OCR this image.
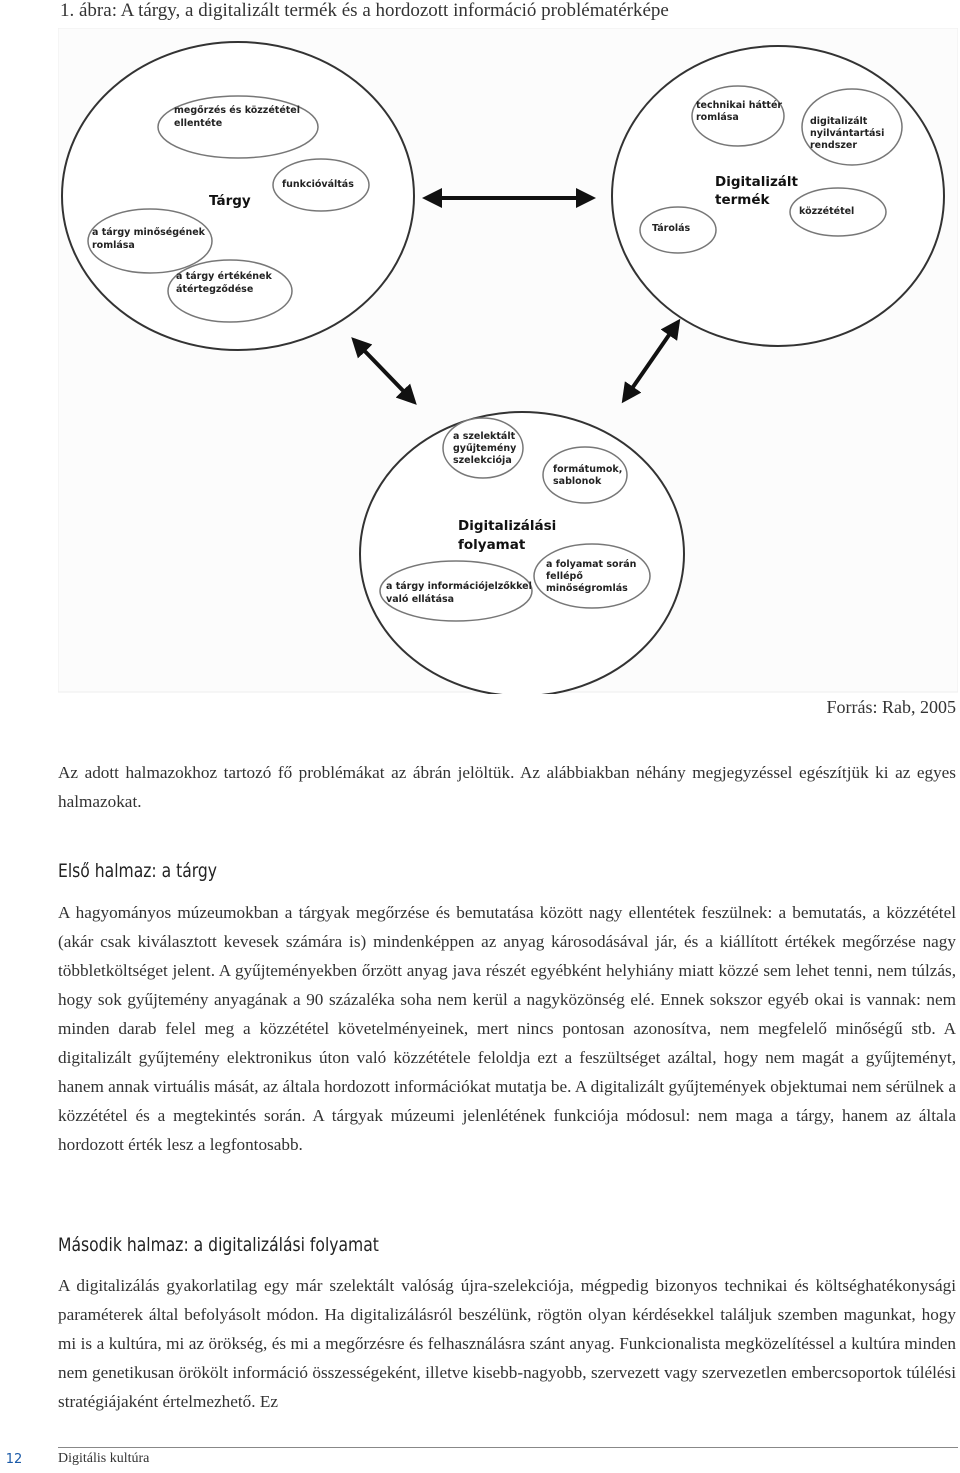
1. ábra: A tárgy, a digitalizált termék és a hordozott információ problématérképe
megőrzés és közzététel
ellentéte
funkcióváltás
a tárgy minőségének
romlása
a tárgy értékének
átértegződése
Tárgy
technikai háttér
romlása	digitalizált
nyilvántartási
rendszer
közzététel
Tárolás
Digitalizált
termék
a szelektált
gyűjtemény
szelekciója
formátumok,
sablonok
a folyamat során
fellépő
minőségromlás
a tárgy információjelzőkkel
való ellátása
Digitalizálási
folyamat
Forrás: Rab, 2005

Az adott halmazokhoz tartozó fő problémákat az ábrán jelöltük. Az alábbiakban néhány megjegyzéssel egészítjük ki az egyes halmazokat.

Első halmaz: a tárgy

A hagyományos múzeumokban a tárgyak megőrzése és bemutatása között nagy ellentétek feszülnek: a bemutatás, a közzététel (akár csak kiválasztott kevesek számára is) mindenképpen az anyag károsodásával jár, és a kiállított értékek megőrzése nagy többletköltséget jelent. A gyűjteményekben őrzött anyag java részét egyébként helyhiány miatt közzé sem lehet tenni, nem túlzás, hogy sok gyűjtemény anyagának a 90 százaléka soha nem kerül a nagyközönség elé. Ennek sokszor egyéb okai is vannak: nem minden darab felel meg a közzététel követelményeinek, mert nincs pontosan azonosítva, nem megfelelő minőségű stb. A digitalizált gyűjtemény elektronikus úton való közzététele feloldja ezt a feszültséget azáltal, hogy nem magát a gyűjteményt, hanem annak virtuális mását, az általa hordozott információkat mutatja be. A digitalizált gyűjtemények objektumai nem sérülnek a közzététel és a megtekintés során. A tárgyak múzeumi jelenlétének funkciója módosul: nem maga a tárgy, hanem az általa hordozott érték lesz a legfontosabb.

Második halmaz: a digitalizálási folyamat

A digitalizálás gyakorlatilag egy már szelektált valóság újra-szelekciója, mégpedig bizonyos technikai és költséghatékonysági paraméterek által befolyásolt módon. Ha digitalizálásról beszélünk, rögtön olyan kérdésekkel találjuk szemben magunkat, hogy mi is a kultúra, mi az örökség, és mi a megőrzésre és felhasználásra szánt anyag. Funkcionalista megközelítéssel a kultúra minden nem genetikusan örökölt információ összességeként, illetve kisebb-nagyobb, szervezett vagy szervezetlen embercsoportok túlélési stratégiájaként értelmezhető. Ez

12	Digitális kultúra
